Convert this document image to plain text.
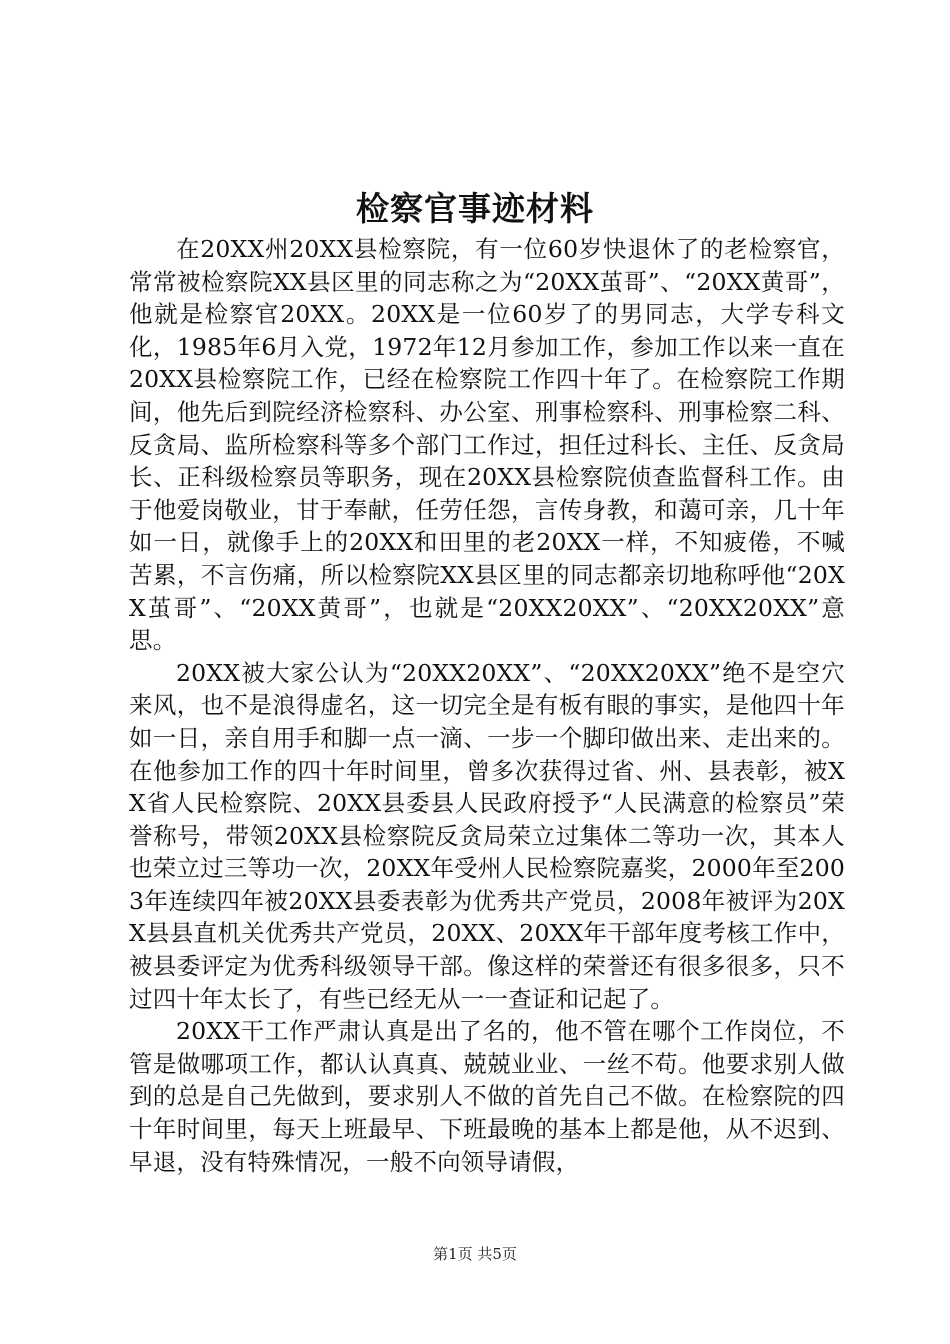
检察官事迹材料

在20XX州20XX县检察院，有一位60岁快退休了的老检察官，常常被检察院XX县区里的同志称之为“20XX茧哥”、“20XX黄哥”，他就是检察官20XX。20XX是一位60岁了的男同志，大学专科文化，1985年6月入党，1972年12月参加工作，参加工作以来一直在20XX县检察院工作，已经在检察院工作四十年了。在检察院工作期间，他先后到院经济检察科、办公室、刑事检察科、刑事检察二科、反贪局、监所检察科等多个部门工作过，担任过科长、主任、反贪局长、正科级检察员等职务，现在20XX县检察院侦查监督科工作。由于他爱岗敬业，甘于奉献，任劳任怨，言传身教，和蔼可亲，几十年如一日，就像手上的20XX和田里的老20XX一样，不知疲倦，不喊苦累，不言伤痛，所以检察院XX县区里的同志都亲切地称呼他“20XX茧哥”、“20XX黄哥”，也就是“20XX20XX”、“20XX20XX”意思。

20XX被大家公认为“20XX20XX”、“20XX20XX”绝不是空穴来风，也不是浪得虚名，这一切完全是有板有眼的事实，是他四十年如一日，亲自用手和脚一点一滴、一步一个脚印做出来、走出来的。在他参加工作的四十年时间里，曾多次获得过省、州、县表彰，被XX省人民检察院、20XX县委县人民政府授予“人民满意的检察员”荣誉称号，带领20XX县检察院反贪局荣立过集体二等功一次，其本人也荣立过三等功一次，20XX年受州人民检察院嘉奖，2000年至2003年连续四年被20XX县委表彰为优秀共产党员，2008年被评为20XX县县直机关优秀共产党员，20XX、20XX年干部年度考核工作中，被县委评定为优秀科级领导干部。像这样的荣誉还有很多很多，只不过四十年太长了，有些已经无从一一查证和记起了。

20XX干工作严肃认真是出了名的，他不管在哪个工作岗位，不管是做哪项工作，都认认真真、兢兢业业、一丝不苟。他要求别人做到的总是自己先做到，要求别人不做的首先自己不做。在检察院的四十年时间里，每天上班最早、下班最晚的基本上都是他，从不迟到、早退，没有特殊情况，一般不向领导请假，

第1页 共5页
